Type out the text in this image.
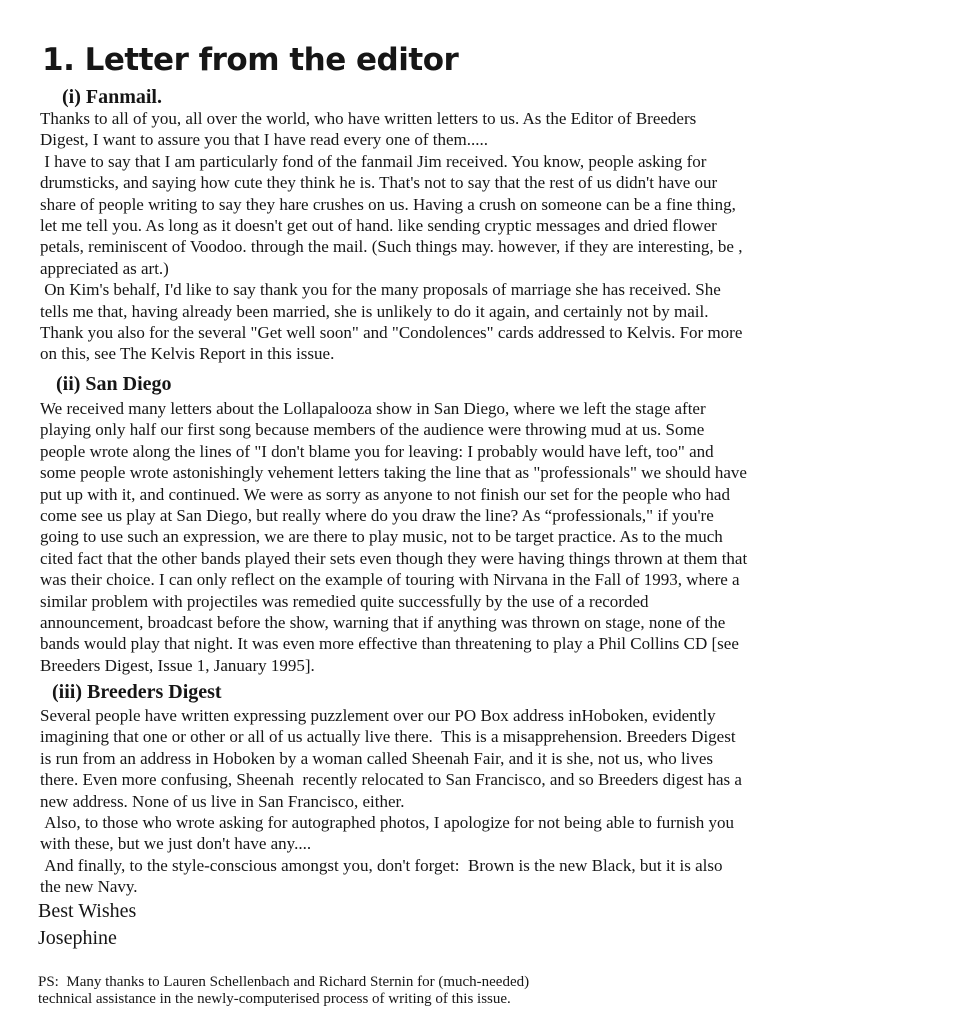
1. Letter from the editor
(i) Fanmail.
Thanks to all of you, all over the world, who have written letters to us. As the Editor of Breeders
Digest, I want to assure you that I have read every one of them.....
I have to say that I am particularly fond of the fanmail Jim received. You know, people asking for
drumsticks, and saying how cute they think he is. That's not to say that the rest of us didn't have our
share of people writing to say they hare crushes on us. Having a crush on someone can be a fine thing,
let me tell you. As long as it doesn't get out of hand. like sending cryptic messages and dried flower
petals, reminiscent of Voodoo. through the mail. (Such things may. however, if they are interesting, be ,
appreciated as art.)
On Kim's behalf, I'd like to say thank you for the many proposals of marriage she has received. She
tells me that, having already been married, she is unlikely to do it again, and certainly not by mail.
Thank you also for the several "Get well soon" and "Condolences" cards addressed to Kelvis. For more
on this, see The Kelvis Report in this issue.
(ii) San Diego
We received many letters about the Lollapalooza show in San Diego, where we left the stage after
playing only half our first song because members of the audience were throwing mud at us. Some
people wrote along the lines of "I don't blame you for leaving: I probably would have left, too" and
some people wrote astonishingly vehement letters taking the line that as "professionals" we should have
put up with it, and continued. We were as sorry as anyone to not finish our set for the people who had
come see us play at San Diego, but really where do you draw the line? As “professionals," if you're
going to use such an expression, we are there to play music, not to be target practice. As to the much
cited fact that the other bands played their sets even though they were having things thrown at them that
was their choice. I can only reflect on the example of touring with Nirvana in the Fall of 1993, where a
similar problem with projectiles was remedied quite successfully by the use of a recorded
announcement, broadcast before the show, warning that if anything was thrown on stage, none of the
bands would play that night. It was even more effective than threatening to play a Phil Collins CD [see
Breeders Digest, Issue 1, January 1995].
(iii) Breeders Digest
Several people have written expressing puzzlement over our PO Box address inHoboken, evidently
imagining that one or other or all of us actually live there.  This is a misapprehension. Breeders Digest
is run from an address in Hoboken by a woman called Sheenah Fair, and it is she, not us, who lives
there. Even more confusing, Sheenah  recently relocated to San Francisco, and so Breeders digest has a
new address. None of us live in San Francisco, either.
Also, to those who wrote asking for autographed photos, I apologize for not being able to furnish you
with these, but we just don't have any....
And finally, to the style-conscious amongst you, don't forget:  Brown is the new Black, but it is also
the new Navy.
Best Wishes
Josephine
PS:  Many thanks to Lauren Schellenbach and Richard Sternin for (much-needed)
technical assistance in the newly-computerised process of writing of this issue.
